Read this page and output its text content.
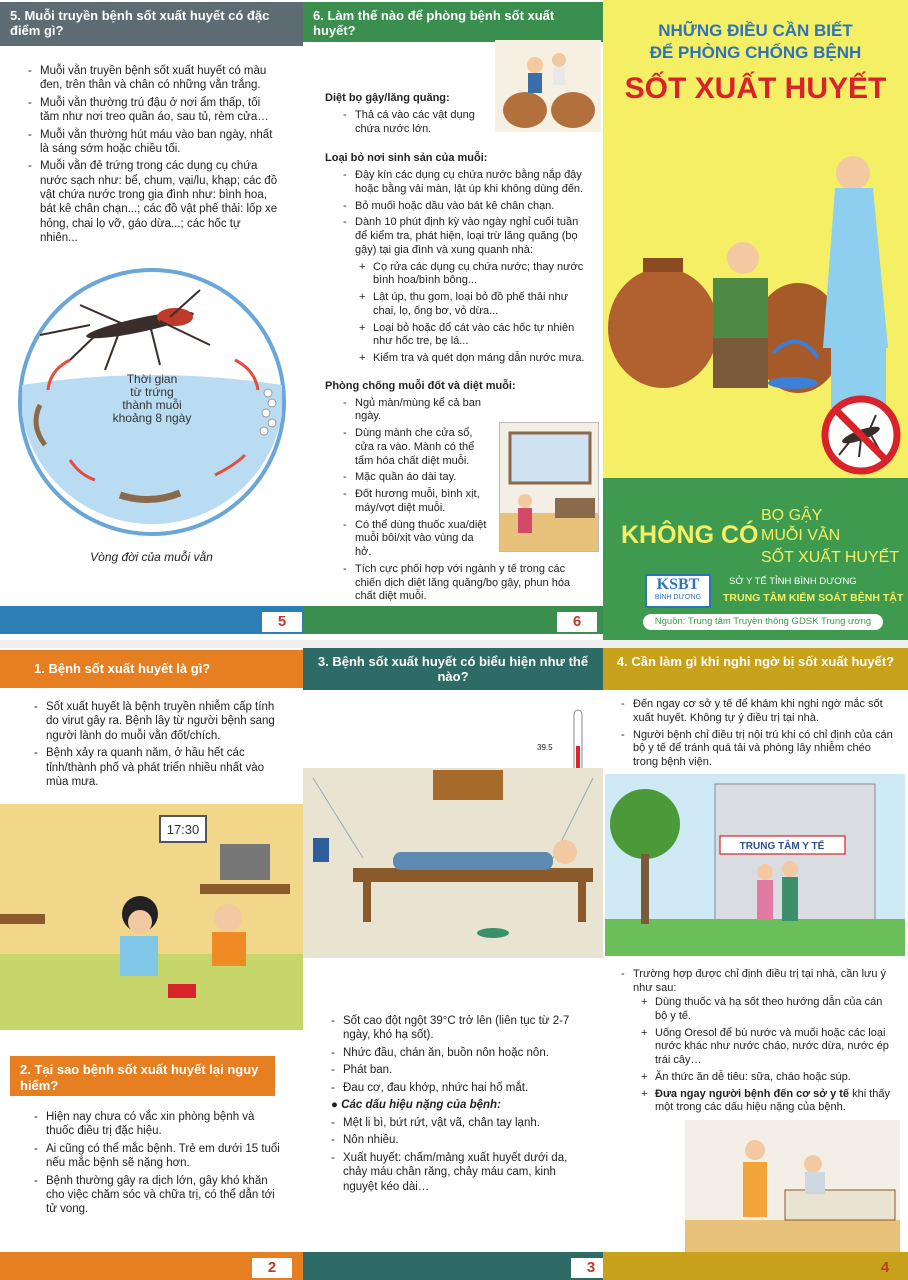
5. Muỗi truyền bệnh sốt xuất huyết có đặc điểm gì?
- Muỗi vằn truyền bệnh sốt xuất huyết có màu đen, trên thân và chân có những vằn trắng.
- Muỗi vằn thường trú đậu ở nơi ẩm thấp, tối tăm như nơi treo quần áo, sau tủ, rèm cửa…
- Muỗi vằn thường hút máu vào ban ngày, nhất là sáng sớm hoặc chiều tối.
- Muỗi vằn đẻ trứng trong các dụng cụ chứa nước sạch như: bể, chum, vại/lu, khạp; các đồ vật chứa nước trong gia đình như: bình hoa, bát kê chân chạn...; các đồ vật phế thải: lốp xe hỏng, chai lọ vỡ, gáo dừa...; các hốc tự nhiên...
Thời gian từ trứng thành muỗi khoảng 8 ngày
Vòng đời của muỗi vằn
5
6. Làm thế nào để phòng bệnh sốt xuất huyết?
Diệt bọ gậy/lăng quăng:
- Thả cá vào các vật dụng chứa nước lớn.
Loại bỏ nơi sinh sản của muỗi:
- Đậy kín các dụng cụ chứa nước bằng nắp đậy hoặc bằng vải màn, lật úp khi không dùng đến.
- Bỏ muối hoặc dầu vào bát kê chân chạn.
- Dành 10 phút định kỳ vào ngày nghỉ cuối tuần để kiểm tra, phát hiện, loại trừ lăng quăng (bọ gậy) tại gia đình và xung quanh nhà:
+ Cọ rửa các dụng cụ chứa nước; thay nước bình hoa/bình bông...
+ Lật úp, thu gom, loại bỏ đồ phế thải như chai, lọ, ống bơ, vỏ dừa...
+ Loại bỏ hoặc đổ cát vào các hốc tự nhiên như hốc tre, bẹ lá...
+ Kiểm tra và quét dọn máng dẫn nước mưa.
Phòng chống muỗi đốt và diệt muỗi:
- Ngủ màn/mùng kể cả ban ngày.
- Dùng mành che cửa sổ, cửa ra vào. Mành có thể tẩm hóa chất diệt muỗi.
- Mặc quần áo dài tay.
- Đốt hương muỗi, bình xịt, máy/vợt diệt muỗi.
- Có thể dùng thuốc xua/diệt muỗi bôi/xịt vào vùng da hở.
- Tích cực phối hợp với ngành y tế trong các chiến dịch diệt lăng quăng/bọ gậy, phun hóa chất diệt muỗi.
6
NHỮNG ĐIỀU CẦN BIẾT
ĐỂ PHÒNG CHỐNG BỆNH
SỐT XUẤT HUYẾT
KHÔNG CÓ
BỌ GẬY
MUỖI VẰN
SỐT XUẤT HUYẾT
KSBT
BÌNH DƯƠNG
SỞ Y TẾ TỈNH BÌNH DƯƠNG
TRUNG TÂM KIỂM SOÁT BỆNH TẬT
Nguồn: Trung tâm Truyền thông GDSK Trung ương
1. Bệnh sốt xuất huyết là gì?
- Sốt xuất huyết là bệnh truyền nhiễm cấp tính do virut gây ra. Bệnh lây từ người bệnh sang người lành do muỗi vằn đốt/chích.
- Bệnh xảy ra quanh năm, ở hầu hết các tỉnh/thành phố và phát triển nhiều nhất vào mùa mưa.
17:30
2. Tại sao bệnh sốt xuất huyết lại nguy hiểm?
- Hiện nay chưa có vắc xin phòng bệnh và thuốc điều trị đặc hiệu.
- Ai cũng có thể mắc bệnh. Trẻ em dưới 15 tuổi nếu mắc bệnh sẽ nặng hơn.
- Bệnh thường gây ra dịch lớn, gây khó khăn cho việc chăm sóc và chữa trị, có thể dẫn tới tử vong.
2
3. Bệnh sốt xuất huyết có biểu hiện như thế nào?
39.5
- Sốt cao đột ngột 39°C trở lên (liên tục từ 2-7 ngày, khó hạ sốt).
- Nhức đầu, chán ăn, buồn nôn hoặc nôn.
- Phát ban.
- Đau cơ, đau khớp, nhức hai hố mắt.
● Các dấu hiệu nặng của bệnh:
- Mệt li bì, bứt rứt, vật vã, chân tay lạnh.
- Nôn nhiều.
- Xuất huyết: chấm/mảng xuất huyết dưới da, chảy máu chân răng, chảy máu cam, kinh nguyệt kéo dài…
3
4. Cần làm gì khi nghi ngờ bị sốt xuất huyết?
- Đến ngay cơ sở y tế để khám khi nghi ngờ mắc sốt xuất huyết. Không tự ý điều trị tại nhà.
- Người bệnh chỉ điều trị nội trú khi có chỉ định của cán bộ y tế để tránh quá tải và phòng lây nhiễm chéo trong bệnh viện.
TRUNG TÂM Y TẾ
- Trường hợp được chỉ định điều trị tại nhà, cần lưu ý như sau:
+ Dùng thuốc và hạ sốt theo hướng dẫn của cán bộ y tế.
+ Uống Oresol để bù nước và muối hoặc các loại nước khác như nước cháo, nước dừa, nước ép trái cây…
+ Ăn thức ăn dễ tiêu: sữa, cháo hoặc súp.
+ Đưa ngay người bệnh đến cơ sở y tế khi thấy một trong các dấu hiệu nặng của bệnh.
4
